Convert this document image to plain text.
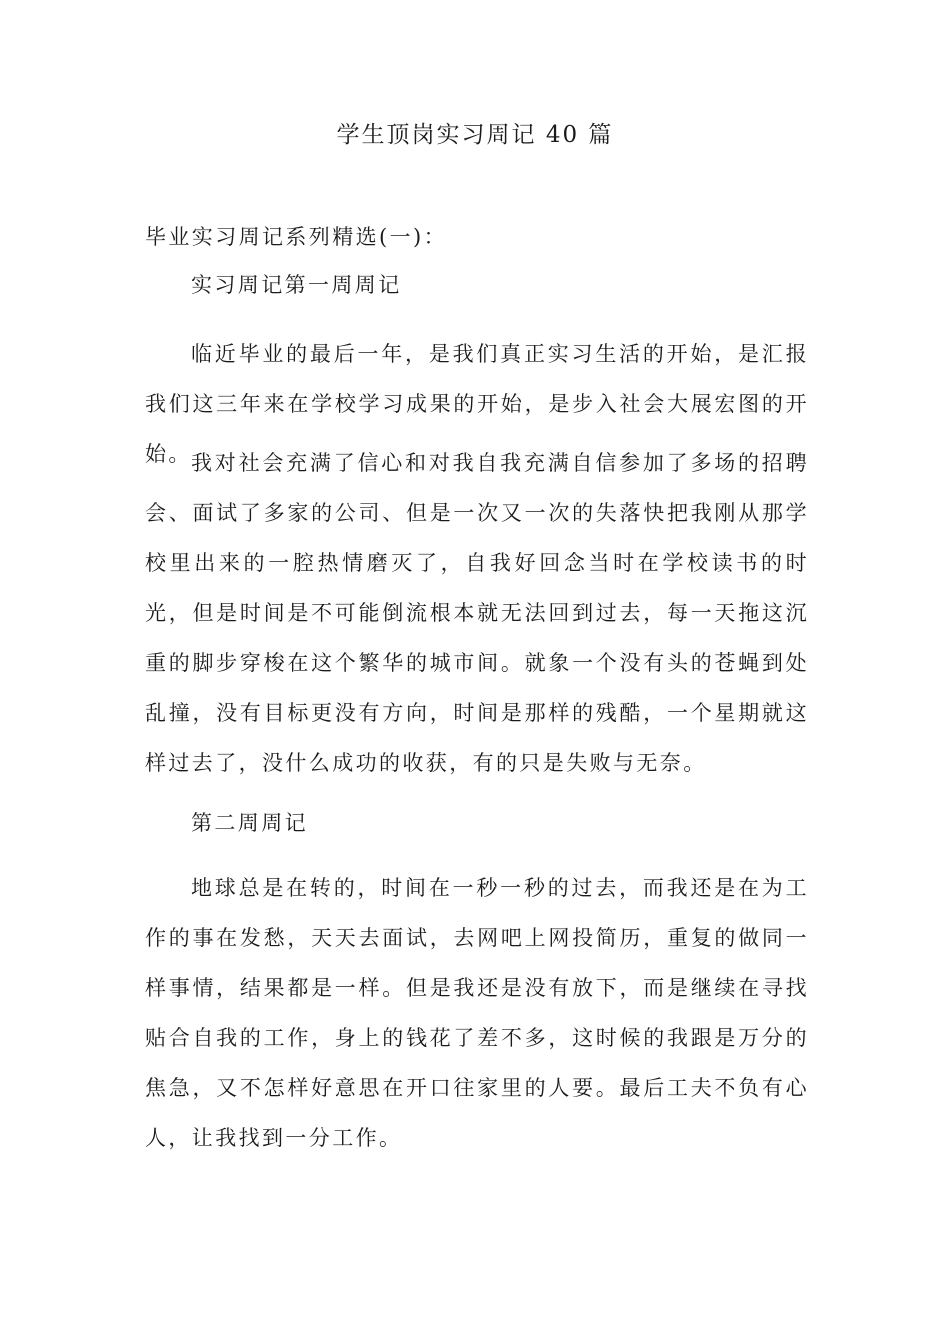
学生顶岗实习周记 40 篇

毕业实习周记系列精选(一)：

实习周记第一周周记

临近毕业的最后一年，是我们真正实习生活的开始，是汇报我们这三年来在学校学习成果的开始，是步入社会大展宏图的开始。 我对社会充满了信心和对我自我充满自信参加了多场的招聘会、面试了多家的公司、但是一次又一次的失落快把我刚从那学校里出来的一腔热情磨灭了，自我好回念当时在学校读书的时光，但是时间是不可能倒流根本就无法回到过去，每一天拖这沉重的脚步穿梭在这个繁华的城市间。就象一个没有头的苍蝇到处乱撞，没有目标更没有方向，时间是那样的残酷，一个星期就这样过去了，没什么成功的收获，有的只是失败与无奈。

第二周周记

地球总是在转的，时间在一秒一秒的过去，而我还是在为工作的事在发愁，天天去面试，去网吧上网投简历，重复的做同一样事情，结果都是一样。但是我还是没有放下，而是继续在寻找贴合自我的工作，身上的钱花了差不多，这时候的我跟是万分的焦急，又不怎样好意思在开口往家里的人要。最后工夫不负有心人，让我找到一分工作。
